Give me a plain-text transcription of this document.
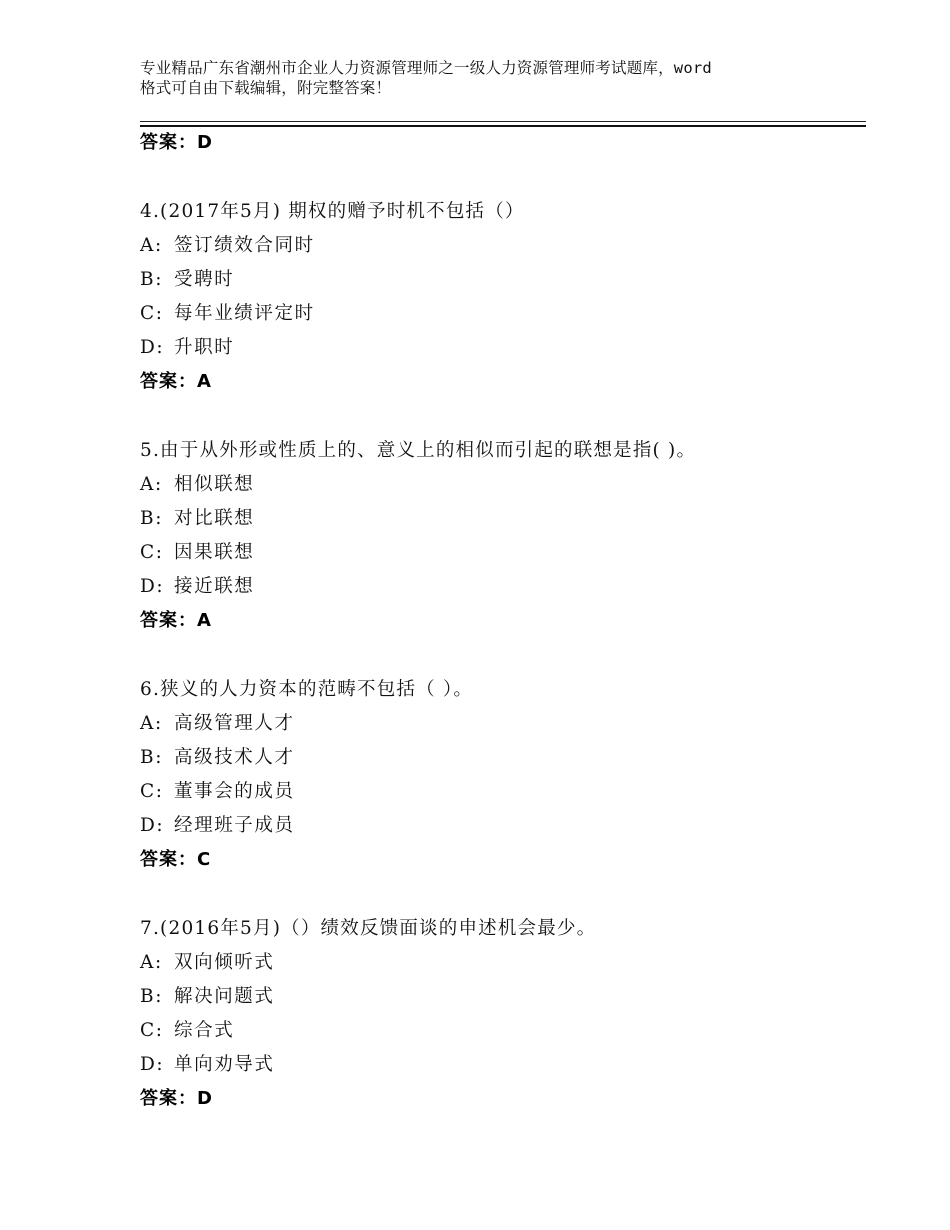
专业精品广东省潮州市企业人力资源管理师之一级人力资源管理师考试题库，word
格式可自由下载编辑，附完整答案！
答案：D
4.(2017年5月) 期权的赠予时机不包括（）
A: 签订绩效合同时
B: 受聘时
C: 每年业绩评定时
D: 升职时
答案：A
5.由于从外形或性质上的、意义上的相似而引起的联想是指( )。
A: 相似联想
B: 对比联想
C: 因果联想
D: 接近联想
答案：A
6.狭义的人力资本的范畴不包括（ ）。
A: 高级管理人才
B: 高级技术人才
C: 董事会的成员
D: 经理班子成员
答案：C
7.(2016年5月)（）绩效反馈面谈的申述机会最少。
A: 双向倾听式
B: 解决问题式
C: 综合式
D: 单向劝导式
答案：D
